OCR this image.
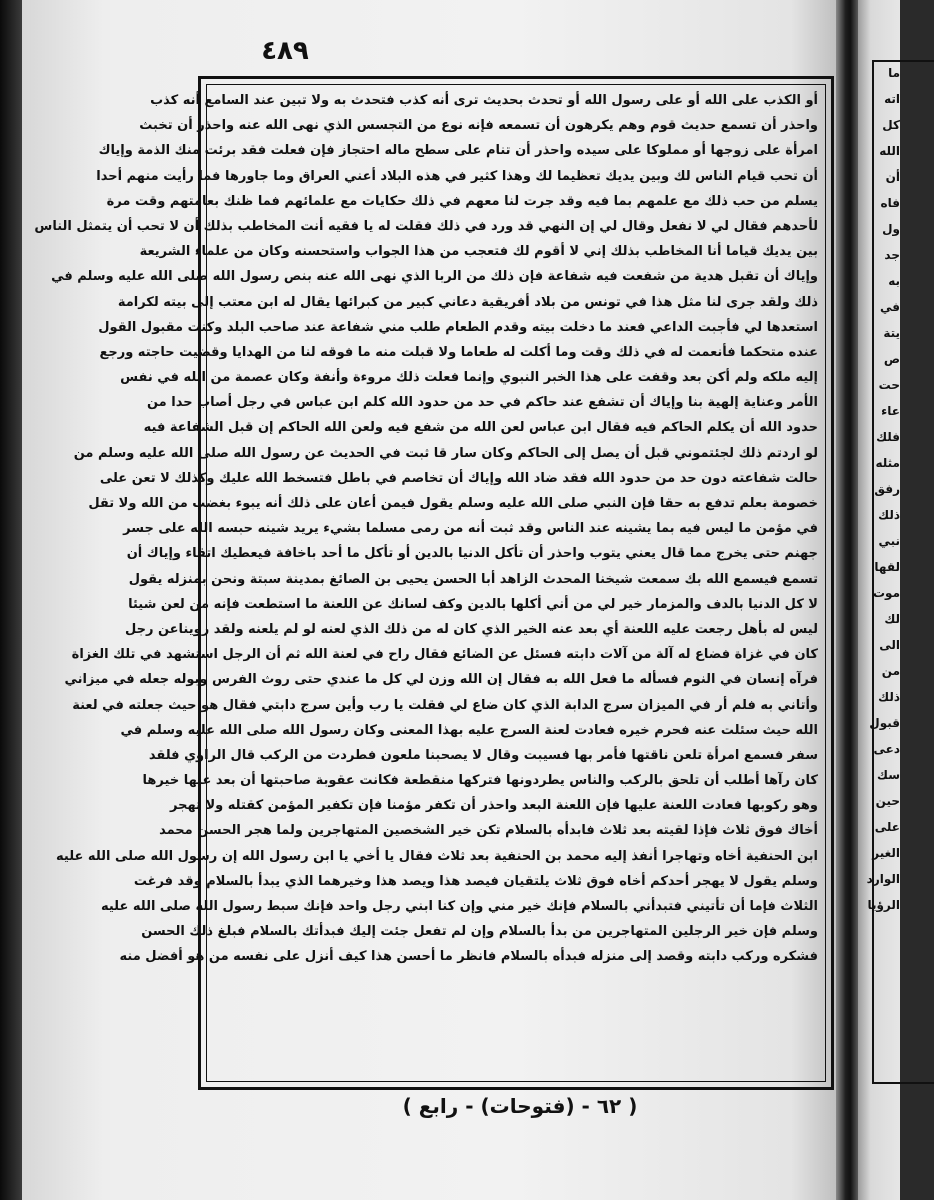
٤٨٩
أو الكذب على الله أو على رسول الله أو تحدث بحديث ترى أنه كذب فتحدث به ولا تبين عند السامع أنه كذب
واحذر أن تسمع حديث قوم وهم يكرهون أن تسمعه فإنه نوع من التجسس الذي نهى الله عنه واحذر أن تخبث
امرأة على زوجها أو مملوكا على سيده واحذر أن تنام على سطح ماله احتجاز فإن فعلت فقد برئت منك الذمة وإياك
أن تحب قيام الناس لك وبين يديك تعظيما لك وهذا كثير في هذه البلاد أعني العراق وما جاورها فما رأيت منهم أحدا
يسلم من حب ذلك مع علمهم بما فيه وقد جرت لنا معهم في ذلك حكايات مع علمائهم فما ظنك بعامتهم وقت مرة
لأحدهم فقال لي لا نفعل وقال لي إن النهي قد ورد في ذلك فقلت له يا فقيه أنت المخاطب بذلك أن لا تحب أن يتمثل الناس
بين يديك قياما أنا المخاطب بذلك إني لا أقوم لك فتعجب من هذا الجواب واستحسنه وكان من علماء الشريعة
وإياك أن تقبل هدية من شفعت فيه شفاعة فإن ذلك من الربا الذي نهى الله عنه بنص رسول الله صلى الله عليه وسلم في
ذلك ولقد جرى لنا مثل هذا في تونس من بلاد أفريقية دعاني كبير من كبرائها يقال له ابن معتب إلى بيته لكرامة
استعدها لي فأجبت الداعي فعند ما دخلت بيته وقدم الطعام طلب مني شفاعة عند صاحب البلد وكنت مقبول القول
عنده متحكما فأنعمت له في ذلك وقت وما أكلت له طعاما ولا قبلت منه ما فوقه لنا من الهدايا وقضيت حاجته ورجع
إليه ملكه ولم أكن بعد وقفت على هذا الخبر النبوي وإنما فعلت ذلك مروءة وأنفة وكان عصمة من الله في نفس
الأمر وعناية إلهية بنا وإياك أن تشفع عند حاكم في حد من حدود الله كلم ابن عباس في رجل أصاب حدا من
حدود الله أن يكلم الحاكم فيه فقال ابن عباس لعن الله من شفع فيه ولعن الله الحاكم إن قبل الشفاعة فيه
لو اردتم ذلك لجئتموني قبل أن يصل إلى الحاكم وكان سار قا ثبت في الحديث عن رسول الله صلى الله عليه وسلم من
حالت شفاعته دون حد من حدود الله فقد ضاد الله وإياك أن تخاصم في باطل فتسخط الله عليك وكذلك لا تعن على
خصومة بعلم تدفع به حقا فإن النبي صلى الله عليه وسلم يقول فيمن أعان على ذلك أنه يبوء بغضب من الله ولا تقل
في مؤمن ما ليس فيه بما يشينه عند الناس وقد ثبت أنه من رمى مسلما بشيء يريد شينه حبسه الله على جسر
جهنم حتى يخرج مما قال يعني يتوب واحذر أن تأكل الدنيا بالدين أو تأكل ما أحد باخافة فيعطيك اتقاء وإياك أن
تسمع فيسمع الله بك سمعت شيخنا المحدث الزاهد أبا الحسن يحيى بن الصائغ بمدينة سبتة ونحن بمنزله يقول
لا كل الدنيا بالدف والمزمار خير لي من أني أكلها بالدين وكف لسانك عن اللعنة ما استطعت فإنه من لعن شيئا
ليس له بأهل رجعت عليه اللعنة أي بعد عنه الخير الذي كان له من ذلك الذي لعنه لو لم يلعنه ولقد رويناعن رجل
كان في غزاة فضاع له آلة من آلات دابته فسئل عن الضائع فقال راح في لعنة الله ثم أن الرجل استشهد في تلك الغزاة
فرآه إنسان في النوم فسأله ما فعل الله به فقال إن الله وزن لي كل ما عندي حتى روث الفرس وبوله جعله في ميزاني
وأتاني به فلم أر في الميزان سرج الدابة الذي كان ضاع لي فقلت يا رب وأين سرج دابتي فقال هو حيث جعلته في لعنة
الله حيث سئلت عنه فحرم خيره فعادت لعنة السرج عليه بهذا المعنى وكان رسول الله صلى الله عليه وسلم في
سفر فسمع امرأة تلعن ناقتها فأمر بها فسيبت وقال لا يصحبنا ملعون فطردت من الركب قال الراوي فلقد
كان رآها أطلب أن تلحق بالركب والناس يطردونها فتركها منقطعة فكانت عقوبة صاحبتها أن بعد عنها خيرها
وهو ركوبها فعادت اللعنة عليها فإن اللعنة البعد واحذر أن تكفر مؤمنا فإن تكفير المؤمن كقتله ولا تهجر
أخاك فوق ثلاث فإذا لقيته بعد ثلاث فابدأه بالسلام تكن خير الشخصين المتهاجرين ولما هجر الحسن محمد
ابن الحنفية أخاه وتهاجرا أنفذ إليه محمد بن الحنفية بعد ثلاث فقال يا أخي يا ابن رسول الله إن رسول الله صلى الله عليه
وسلم يقول لا يهجر أحدكم أخاه فوق ثلاث يلتقيان فيصد هذا ويصد هذا وخيرهما الذي يبدأ بالسلام وقد فرغت
الثلاث فإما أن تأتيني فتبدأني بالسلام فإنك خير مني وإن كنا ابني رجل واحد فإنك سبط رسول الله صلى الله عليه
وسلم فإن خير الرجلين المتهاجرين من بدأ بالسلام وإن لم تفعل جئت إليك فبدأتك بالسلام فبلغ ذلك الحسن
فشكره وركب دابته وقصد إلى منزله فبدأه بالسلام فانظر ما أحسن هذا كيف أنزل على نفسه من هو أفضل منه
( ٦٢ - (فتوحات) - رابع )
ما
اته
كل
الله
أن
فاه
ول
جد
به
في
يتة
ص
حت
عاء
فلك
مثله
رفق
ذلك
نبي
لقها
موت
لك
الى
من
ذلك
قبول
دعى
سك
حين
على
الغير
الوارد
الرؤيا
